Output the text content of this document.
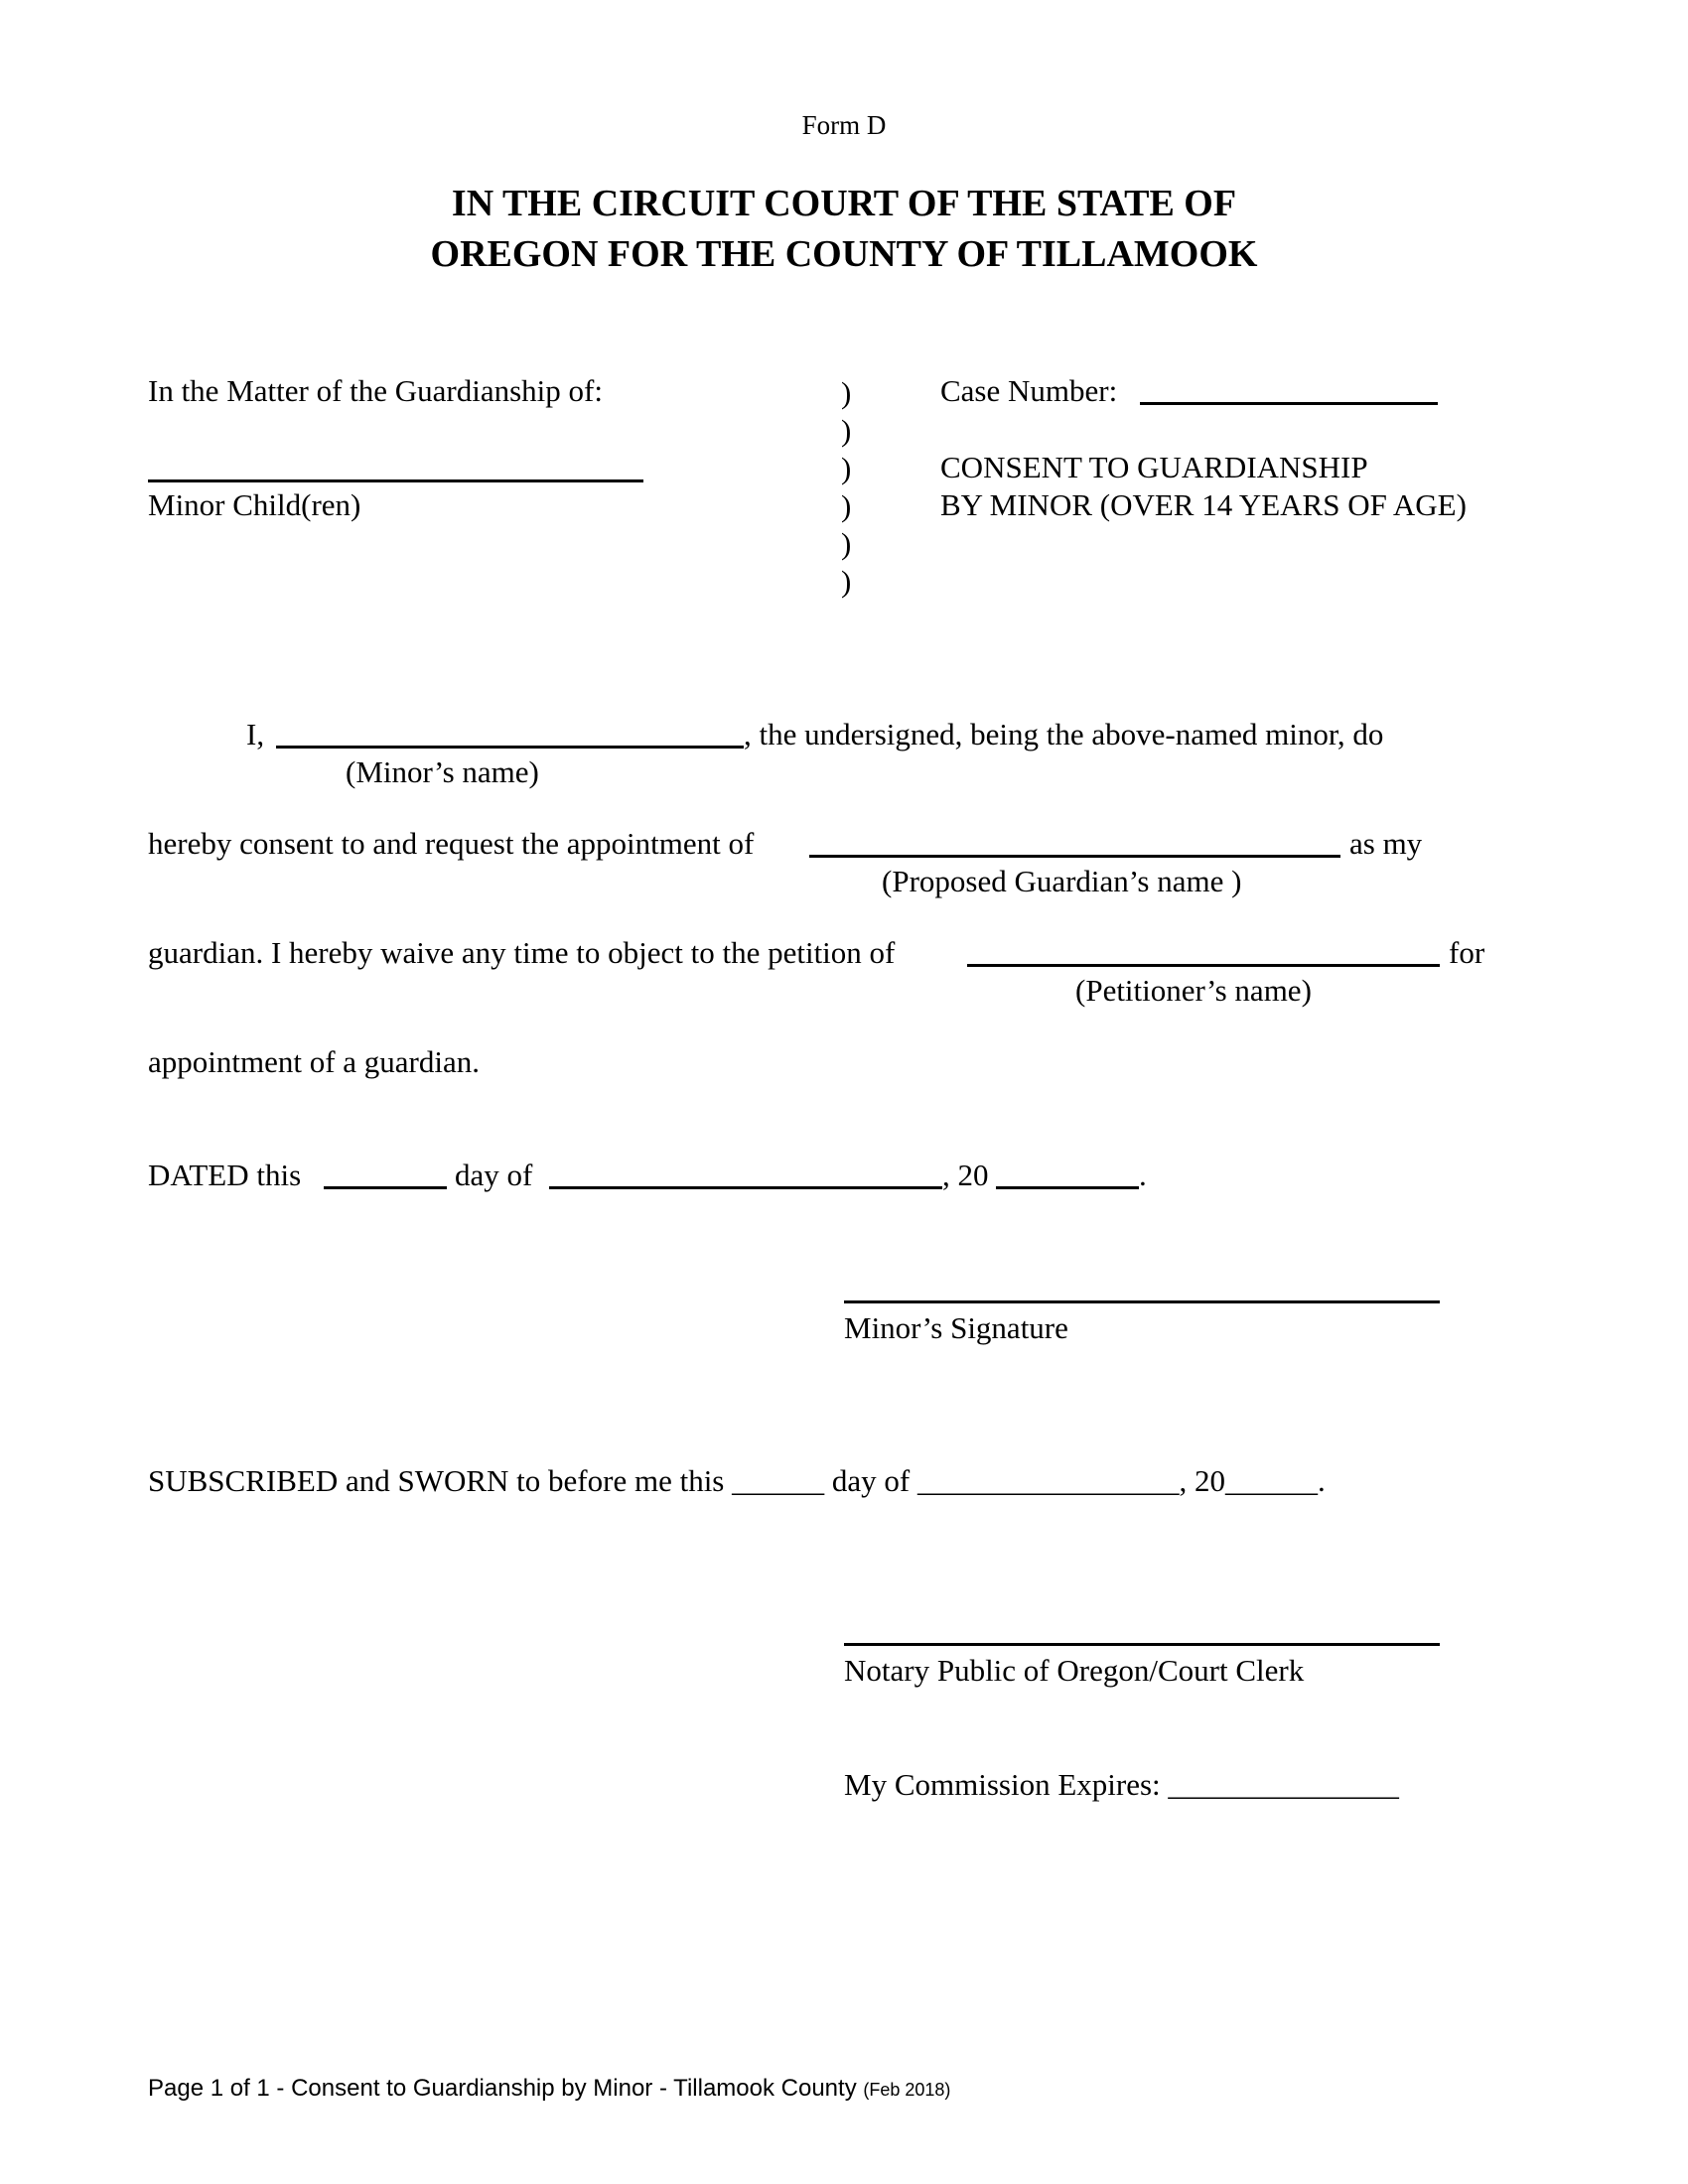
Form D
IN THE CIRCUIT COURT OF THE STATE OF
OREGON FOR THE COUNTY OF TILLAMOOK
In the Matter of the Guardianship of:
Minor Child(ren)
)
)
)
)
)
)
Case Number:
CONSENT TO GUARDIANSHIP
BY MINOR (OVER 14 YEARS OF AGE)
I,	, the undersigned, being the above-named minor, do
(Minor’s name)
hereby consent to and request the appointment of	as my
(Proposed Guardian’s name )
guardian. I hereby waive any time to object to the petition of	for
(Petitioner’s name)
appointment of a guardian.
DATED this	day of	, 20	.
Minor’s Signature
SUBSCRIBED and SWORN to before me this ______ day of _________________, 20______.
Notary Public of Oregon/Court Clerk
My Commission Expires: _______________
Page 1 of 1 - Consent to Guardianship by Minor - Tillamook County (Feb 2018)
